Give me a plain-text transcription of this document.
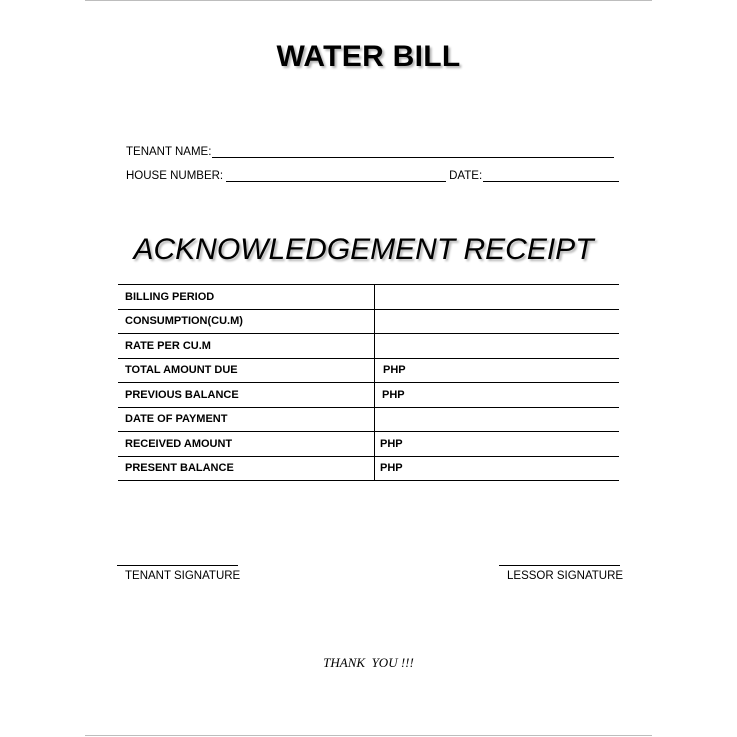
WATER BILL
TENANT NAME:
HOUSE NUMBER:	DATE:
ACKNOWLEDGEMENT RECEIPT
BILLING PERIOD	
CONSUMPTION(CU.M)	
RATE PER CU.M	
TOTAL AMOUNT DUE	PHP
PREVIOUS BALANCE	PHP
DATE OF PAYMENT	
RECEIVED AMOUNT	PHP
PRESENT BALANCE	PHP
TENANT SIGNATURE	LESSOR SIGNATURE
THANK  YOU !!!
